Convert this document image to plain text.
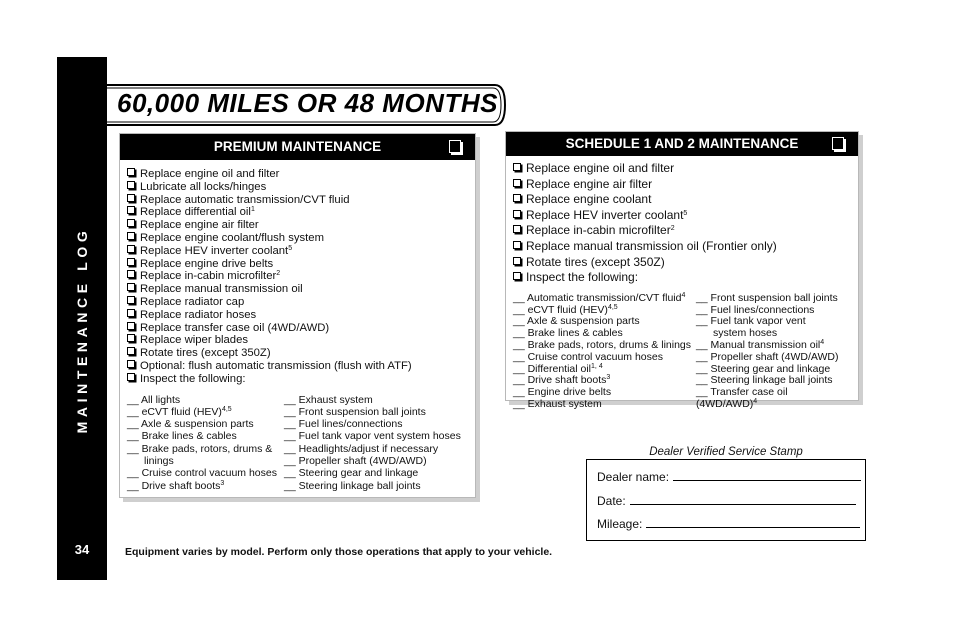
MAINTENANCE LOG
34
60,000 MILES OR 48 MONTHS
PREMIUM MAINTENANCE
Replace engine oil and filter
Lubricate all locks/hinges
Replace automatic transmission/CVT fluid
Replace differential oil$^1$
Replace engine air filter
Replace engine coolant/flush system
Replace HEV inverter coolant$^5$
Replace engine drive belts
Replace in-cabin microfilter$^2$
Replace manual transmission oil
Replace radiator cap
Replace radiator hoses
Replace transfer case oil (4WD/AWD)
Replace wiper blades
Rotate tires (except 350Z)
Optional: flush automatic transmission (flush with ATF)
Inspect the following:
__ All lights
__ eCVT fluid (HEV)$^{4,5}$
__ Axle & suspension parts
__ Brake lines & cables
__ Brake pads, rotors, drums &
linings
__ Cruise control vacuum hoses
__ Drive shaft boots$^3$
__ Exhaust system
__ Front suspension ball joints
__ Fuel lines/connections
__ Fuel tank vapor vent system hoses
__ Headlights/adjust if necessary
__ Propeller shaft (4WD/AWD)
__ Steering gear and linkage
__ Steering linkage ball joints
SCHEDULE 1 AND 2 MAINTENANCE
Replace engine oil and filter
Replace engine air filter
Replace engine coolant
Replace HEV inverter coolant$^5$
Replace in-cabin microfilter$^2$
Replace manual transmission oil (Frontier only)
Rotate tires (except 350Z)
Inspect the following:
__ Automatic transmission/CVT fluid$^4$
__ eCVT fluid (HEV)$^{4,5}$
__ Axle & suspension parts
__ Brake lines & cables
__ Brake pads, rotors, drums & linings
__ Cruise control vacuum hoses
__ Differential oil$^{1, 4}$
__ Drive shaft boots$^3$
__ Engine drive belts
__ Exhaust system
__ Front suspension ball joints
__ Fuel lines/connections
__ Fuel tank vapor vent
system hoses
__ Manual transmission oil$^4$
__ Propeller shaft (4WD/AWD)
__ Steering gear and linkage
__ Steering linkage ball joints
__ Transfer case oil $(4WD/AWD)^4$
Dealer Verified Service Stamp
Dealer name:
Date:
Mileage:
Equipment varies by model. Perform only those operations that apply to your vehicle.
